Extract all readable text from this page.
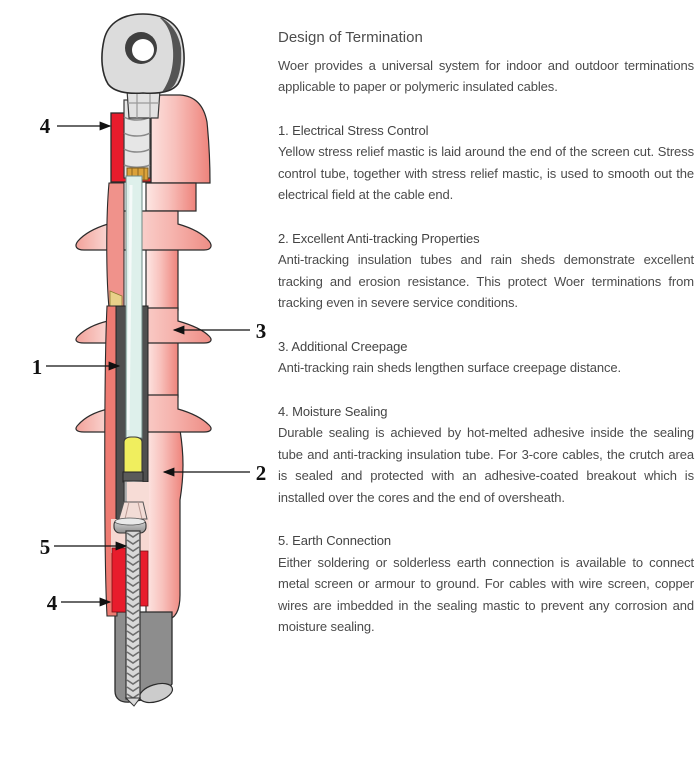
4
3
1
2
5
4
Design of Termination
Woer provides a universal system for indoor and outdoor terminations applicable to paper or polymeric insulated cables.
1. Electrical Stress Control
Yellow stress relief mastic is laid around the end of the screen cut. Stress control tube, together with stress relief mastic, is used to smooth out the electrical field at the cable end.
2. Excellent Anti-tracking Properties
Anti-tracking insulation tubes and rain sheds demonstrate excellent tracking and erosion resistance. This protect Woer terminations from tracking even in severe service conditions.
3. Additional Creepage
Anti-tracking rain sheds lengthen surface creepage distance.
4. Moisture Sealing
Durable sealing is achieved by hot-melted adhesive inside the sealing tube and anti-tracking insulation tube. For 3-core cables, the crutch area is sealed and protected with an adhesive-coated breakout which is installed over the cores and the end of oversheath.
5. Earth Connection
Either soldering or solderless earth connection is available to connect metal screen or armour to ground. For cables with wire screen, copper wires are imbedded in the sealing mastic to prevent any corrosion and moisture sealing.
